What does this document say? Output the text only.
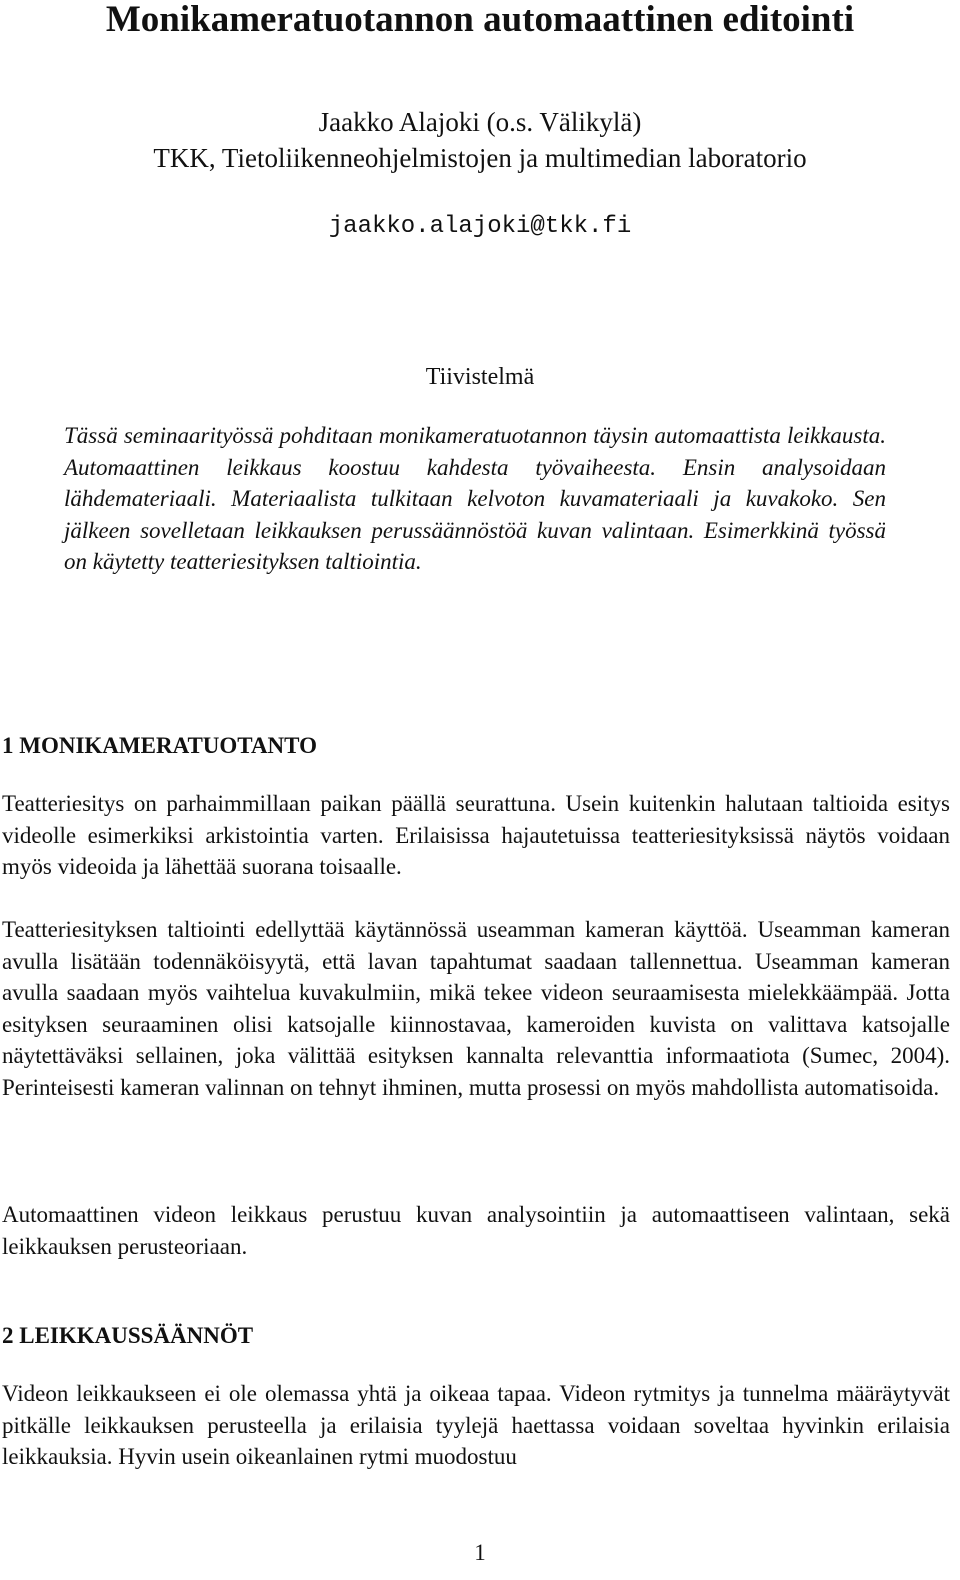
Monikameratuotannon automaattinen editointi
Jaakko Alajoki (o.s. Välikylä)
TKK, Tietoliikenneohjelmistojen ja multimedian laboratorio
jaakko.alajoki@tkk.fi
Tiivistelmä

Tässä seminaarityössä pohditaan monikameratuotannon täysin automaattista leikkausta. Automaattinen leikkaus koostuu kahdesta työvaiheesta. Ensin analysoidaan lähdemateriaali. Materiaalista tulkitaan kelvoton kuvamateriaali ja kuvakoko. Sen jälkeen sovelletaan leikkauksen perussäännöstöä kuvan valintaan. Esimerkkinä työssä on käytetty teatteriesityksen taltiointia.

1 MONIKAMERATUOTANTO

Teatteriesitys on parhaimmillaan paikan päällä seurattuna. Usein kuitenkin halutaan taltioida esitys videolle esimerkiksi arkistointia varten. Erilaisissa hajautetuissa teatteriesityksissä näytös voidaan myös videoida ja lähettää suorana toisaalle.

Teatteriesityksen taltiointi edellyttää käytännössä useamman kameran käyttöä. Useamman kameran avulla lisätään todennäköisyytä, että lavan tapahtumat saadaan tallennettua. Useamman kameran avulla saadaan myös vaihtelua kuvakulmiin, mikä tekee videon seuraamisesta mielekkäämpää. Jotta esityksen seuraaminen olisi katsojalle kiinnostavaa, kameroiden kuvista on valittava katsojalle näytettäväksi sellainen, joka välittää esityksen kannalta relevanttia informaatiota (Sumec, 2004). Perinteisesti kameran valinnan on tehnyt ihminen, mutta prosessi on myös mahdollista automatisoida.

Automaattinen videon leikkaus perustuu kuvan analysointiin ja automaattiseen valintaan, sekä leikkauksen perusteoriaan.

2 LEIKKAUSSÄÄNNÖT

Videon leikkaukseen ei ole olemassa yhtä ja oikeaa tapaa. Videon rytmitys ja tunnelma määräytyvät pitkälle leikkauksen perusteella ja erilaisia tyylejä haettassa voidaan soveltaa hyvinkin erilaisia leikkauksia. Hyvin usein oikeanlainen rytmi muodostuu

1
